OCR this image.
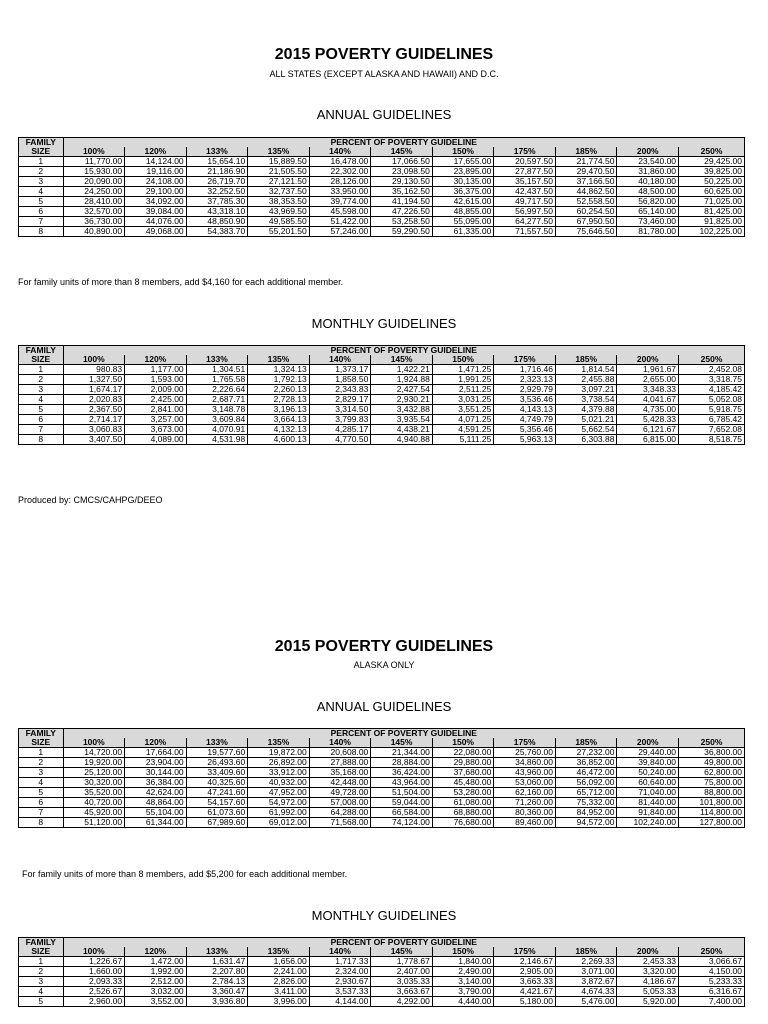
2015 POVERTY GUIDELINES
ALL STATES (EXCEPT ALASKA AND HAWAII) AND D.C.
ANNUAL GUIDELINES
FAMILY
SIZE	PERCENT OF POVERTY GUIDELINE										
	100%	120%	133%	135%	140%	145%	150%	175%	185%	200%	250%
1	11,770.00	14,124.00	15,654.10	15,889.50	16,478.00	17,066.50	17,655.00	20,597.50	21,774.50	23,540.00	29,425.00
2	15,930.00	19,116.00	21,186.90	21,505.50	22,302.00	23,098.50	23,895.00	27,877.50	29,470.50	31,860.00	39,825.00
3	20,090.00	24,108.00	26,719.70	27,121.50	28,126.00	29,130.50	30,135.00	35,157.50	37,166.50	40,180.00	50,225.00
4	24,250.00	29,100.00	32,252.50	32,737.50	33,950.00	35,162.50	36,375.00	42,437.50	44,862.50	48,500.00	60,625.00
5	28,410.00	34,092.00	37,785.30	38,353.50	39,774.00	41,194.50	42,615.00	49,717.50	52,558.50	56,820.00	71,025.00
6	32,570.00	39,084.00	43,318.10	43,969.50	45,598.00	47,226.50	48,855.00	56,997.50	60,254.50	65,140.00	81,425.00
7	36,730.00	44,076.00	48,850.90	49,585.50	51,422.00	53,258.50	55,095.00	64,277.50	67,950.50	73,460.00	91,825.00
8	40,890.00	49,068.00	54,383.70	55,201.50	57,246.00	59,290.50	61,335.00	71,557.50	75,646.50	81,780.00	102,225.00
For family units of more than 8 members, add $4,160 for each additional member.
MONTHLY GUIDELINES
FAMILY
SIZE	PERCENT OF POVERTY GUIDELINE										
	100%	120%	133%	135%	140%	145%	150%	175%	185%	200%	250%
1	980.83	1,177.00	1,304.51	1,324.13	1,373.17	1,422.21	1,471.25	1,716.46	1,814.54	1,961.67	2,452.08
2	1,327.50	1,593.00	1,765.58	1,792.13	1,858.50	1,924.88	1,991.25	2,323.13	2,455.88	2,655.00	3,318.75
3	1,674.17	2,009.00	2,226.64	2,260.13	2,343.83	2,427.54	2,511.25	2,929.79	3,097.21	3,348.33	4,185.42
4	2,020.83	2,425.00	2,687.71	2,728.13	2,829.17	2,930.21	3,031.25	3,536.46	3,738.54	4,041.67	5,052.08
5	2,367.50	2,841.00	3,148.78	3,196.13	3,314.50	3,432.88	3,551.25	4,143.13	4,379.88	4,735.00	5,918.75
6	2,714.17	3,257.00	3,609.84	3,664.13	3,799.83	3,935.54	4,071.25	4,749.79	5,021.21	5,428.33	6,785.42
7	3,060.83	3,673.00	4,070.91	4,132.13	4,285.17	4,438.21	4,591.25	5,356.46	5,662.54	6,121.67	7,652.08
8	3,407.50	4,089.00	4,531.98	4,600.13	4,770.50	4,940.88	5,111.25	5,963.13	6,303.88	6,815.00	8,518.75
Produced by: CMCS/CAHPG/DEEO
2015 POVERTY GUIDELINES
ALASKA ONLY
ANNUAL GUIDELINES
FAMILY
SIZE	PERCENT OF POVERTY GUIDELINE										
	100%	120%	133%	135%	140%	145%	150%	175%	185%	200%	250%
1	14,720.00	17,664.00	19,577.60	19,872.00	20,608.00	21,344.00	22,080.00	25,760.00	27,232.00	29,440.00	36,800.00
2	19,920.00	23,904.00	26,493.60	26,892.00	27,888.00	28,884.00	29,880.00	34,860.00	36,852.00	39,840.00	49,800.00
3	25,120.00	30,144.00	33,409.60	33,912.00	35,168.00	36,424.00	37,680.00	43,960.00	46,472.00	50,240.00	62,800.00
4	30,320.00	36,384.00	40,325.60	40,932.00	42,448.00	43,964.00	45,480.00	53,060.00	56,092.00	60,640.00	75,800.00
5	35,520.00	42,624.00	47,241.60	47,952.00	49,728.00	51,504.00	53,280.00	62,160.00	65,712.00	71,040.00	88,800.00
6	40,720.00	48,864.00	54,157.60	54,972.00	57,008.00	59,044.00	61,080.00	71,260.00	75,332.00	81,440.00	101,800.00
7	45,920.00	55,104.00	61,073.60	61,992.00	64,288.00	66,584.00	68,880.00	80,360.00	84,952.00	91,840.00	114,800.00
8	51,120.00	61,344.00	67,989.60	69,012.00	71,568.00	74,124.00	76,680.00	89,460.00	94,572.00	102,240.00	127,800.00
For family units of more than 8 members, add $5,200 for each additional member.
MONTHLY GUIDELINES
FAMILY
SIZE	PERCENT OF POVERTY GUIDELINE										
	100%	120%	133%	135%	140%	145%	150%	175%	185%	200%	250%
1	1,226.67	1,472.00	1,631.47	1,656.00	1,717.33	1,778.67	1,840.00	2,146.67	2,269.33	2,453.33	3,066.67
2	1,660.00	1,992.00	2,207.80	2,241.00	2,324.00	2,407.00	2,490.00	2,905.00	3,071.00	3,320.00	4,150.00
3	2,093.33	2,512.00	2,784.13	2,826.00	2,930.67	3,035.33	3,140.00	3,663.33	3,872.67	4,186.67	5,233.33
4	2,526.67	3,032.00	3,360.47	3,411.00	3,537.33	3,663.67	3,790.00	4,421.67	4,674.33	5,053.33	6,316.67
5	2,960.00	3,552.00	3,936.80	3,996.00	4,144.00	4,292.00	4,440.00	5,180.00	5,476.00	5,920.00	7,400.00
